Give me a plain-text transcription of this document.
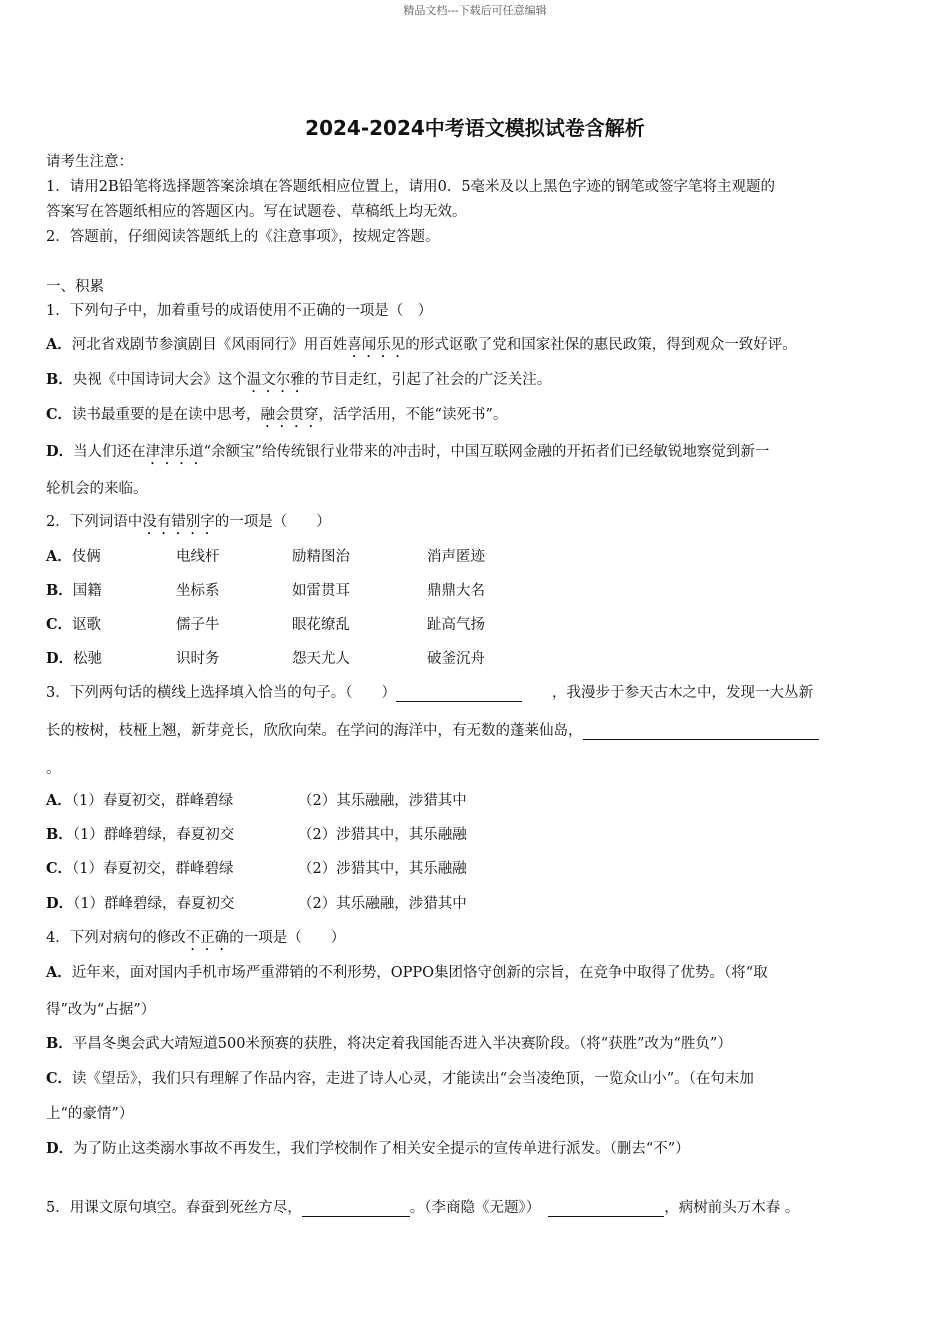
精品文档---下载后可任意编辑
2024-2024中考语文模拟试卷含解析
请考生注意：
1．请用2B铅笔将选择题答案涂填在答题纸相应位置上，请用0．5毫米及以上黑色字迹的钢笔或签字笔将主观题的
答案写在答题纸相应的答题区内。写在试题卷、草稿纸上均无效。
2．答题前，仔细阅读答题纸上的《注意事项》，按规定答题。
一、积累
1．下列句子中，加着重号的成语使用不正确的一项是（　）
A．河北省戏剧节参演剧目《风雨同行》用百姓喜闻乐见的形式讴歌了党和国家社保的惠民政策，得到观众一致好评。
B．央视《中国诗词大会》这个温文尔雅的节目走红，引起了社会的广泛关注。
C．读书最重要的是在读中思考，融会贯穿，活学活用，不能“读死书”。
D．当人们还在津津乐道“余额宝”给传统银行业带来的冲击时，中国互联网金融的开拓者们已经敏锐地察觉到新一
轮机会的来临。
2．下列词语中没有错别字的一项是（　　）
A．伎俩	电线杆	励精图治	消声匿迹
B．国籍	坐标系	如雷贯耳	鼎鼎大名
C．讴歌	儒子牛	眼花缭乱	趾高气扬
D．松驰	识时务	怨天尤人	破釜沉舟
3．下列两句话的横线上选择填入恰当的句子。（　　）	，我漫步于参天古木之中，发现一大丛新
长的桉树，枝桠上翘，新芽竞长，欣欣向荣。在学问的海洋中，有无数的蓬莱仙岛，
。
A．（1）春夏初交，群峰碧绿	（2）其乐融融，涉猎其中
B．（1）群峰碧绿，春夏初交	（2）涉猎其中，其乐融融
C．（1）春夏初交，群峰碧绿	（2）涉猎其中，其乐融融
D．（1）群峰碧绿，春夏初交	（2）其乐融融，涉猎其中
4．下列对病句的修改不正确的一项是（　　）
A．近年来，面对国内手机市场严重滞销的不利形势，OPPO集团恪守创新的宗旨，在竞争中取得了优势。（将“取
得”改为“占据”）
B．平昌冬奥会武大靖短道500米预赛的获胜，将决定着我国能否进入半决赛阶段。（将“获胜”改为“胜负”）
C．读《望岳》，我们只有理解了作品内容，走进了诗人心灵，才能读出“会当凌绝顶，一览众山小”。（在句末加
上“的豪情”）
D．为了防止这类溺水事故不再发生，我们学校制作了相关安全提示的宣传单进行派发。（删去“不”）
5．用课文原句填空。春蚕到死丝方尽，	。（李商隐《无题》）	，病树前头万木春 。
